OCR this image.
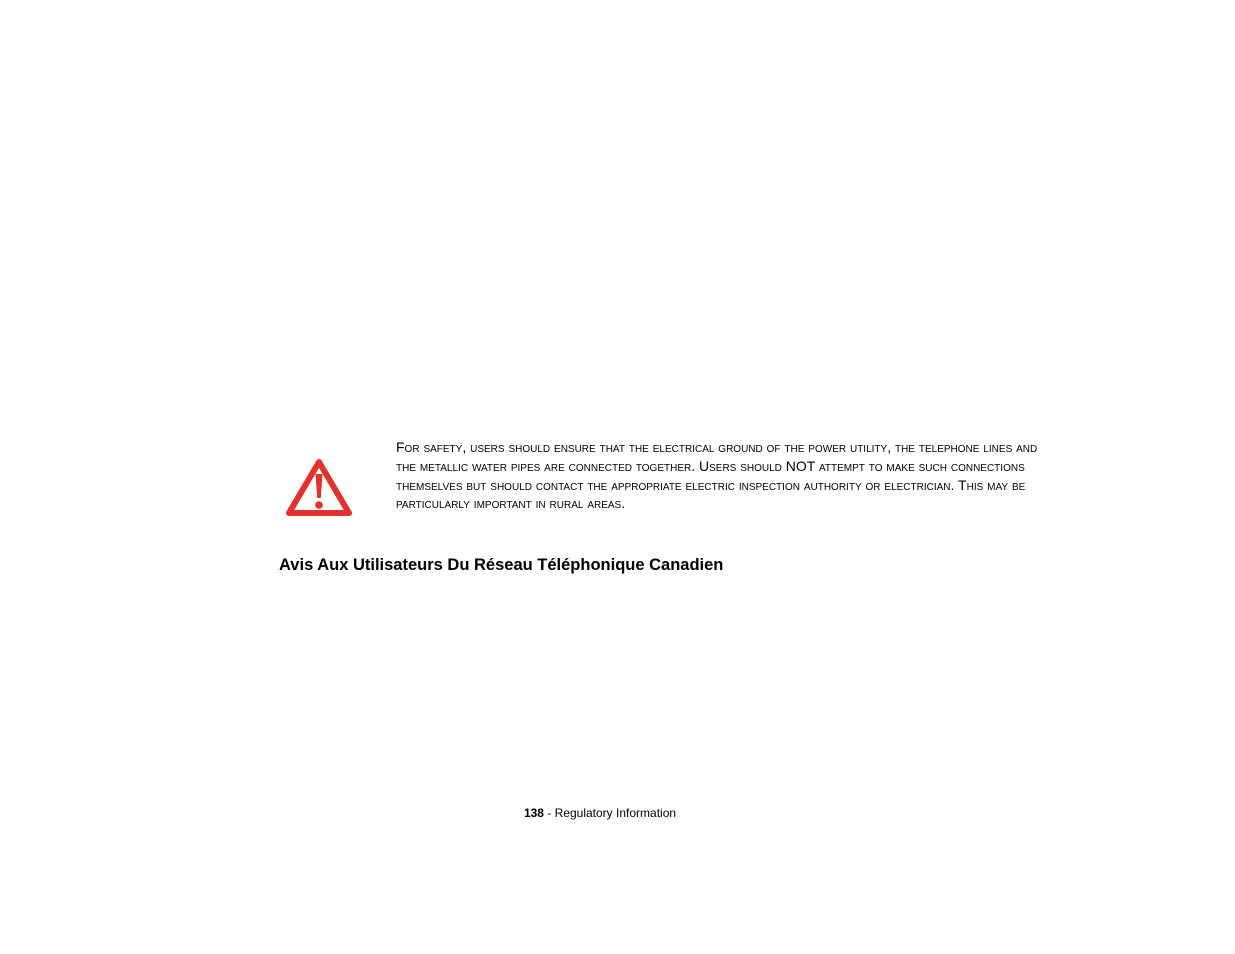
For safety, users should ensure that the electrical ground of the power utility, the telephone lines and the metallic water pipes are connected together. Users should NOT attempt to make such connections themselves but should contact the appropriate electric inspection authority or electrician. This may be particularly important in rural areas.

Avis Aux Utilisateurs Du Réseau Téléphonique Canadien
138 - Regulatory Information
